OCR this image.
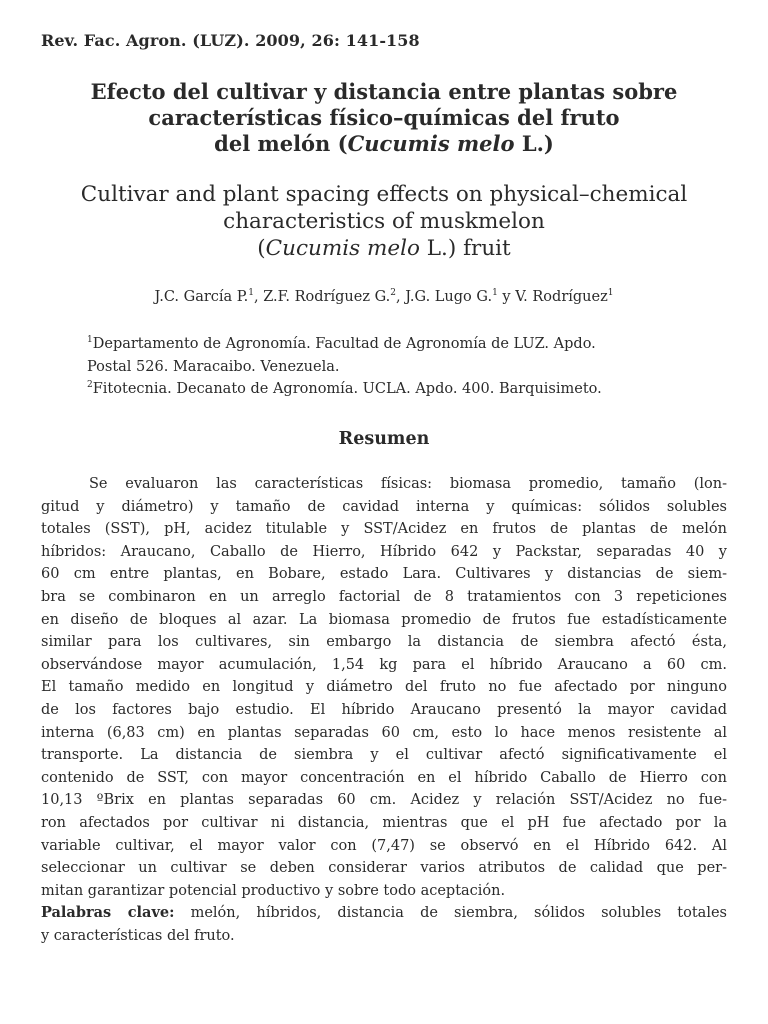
Rev. Fac. Agron. (LUZ). 2009, 26: 141-158
Efecto del cultivar y distancia entre plantas sobre
características físico–químicas del fruto
del melón (Cucumis melo L.)
Cultivar and plant spacing effects on physical–chemical
characteristics of muskmelon
(Cucumis melo L.) fruit
J.C. García P.$^1$, Z.F. Rodríguez G.$^2$, J.G. Lugo G.$^1$ y V. Rodríguez$^1$
$^1$Departamento de Agronomía. Facultad de Agronomía de LUZ. Apdo.
Postal 526. Maracaibo. Venezuela.
$^2$Fitotecnia. Decanato de Agronomía. UCLA. Apdo. 400. Barquisimeto.
Resumen
Se evaluaron las características físicas: biomasa promedio, tamaño (lon-
gitud y diámetro) y tamaño de cavidad interna y químicas: sólidos solubles
totales (SST), pH, acidez titulable y SST/Acidez en frutos de plantas de melón
híbridos: Araucano, Caballo de Hierro, Híbrido 642 y Packstar, separadas 40 y
60 cm entre plantas, en Bobare, estado Lara. Cultivares y distancias de siem-
bra se combinaron en un arreglo factorial de 8 tratamientos con 3 repeticiones
en diseño de bloques al azar. La biomasa promedio de frutos fue estadísticamente
similar para los cultivares, sin embargo la distancia de siembra afectó ésta,
observándose mayor acumulación, 1,54 kg para el híbrido Araucano a 60 cm.
El tamaño medido en longitud y diámetro del fruto no fue afectado por ninguno
de los factores bajo estudio. El híbrido Araucano presentó la mayor cavidad
interna (6,83 cm) en plantas separadas 60 cm, esto lo hace menos resistente al
transporte. La distancia de siembra y el cultivar afectó significativamente el
contenido de SST, con mayor concentración en el híbrido Caballo de Hierro con
10,13 ºBrix en plantas separadas 60 cm. Acidez y relación SST/Acidez no fue-
ron afectados por cultivar ni distancia, mientras que el pH fue afectado por la
variable cultivar, el mayor valor con (7,47) se observó en el Híbrido 642. Al
seleccionar un cultivar se deben considerar varios atributos de calidad que per-
mitan garantizar potencial productivo y sobre todo aceptación.
Palabras clave: melón, híbridos, distancia de siembra, sólidos solubles totales
y características del fruto.
